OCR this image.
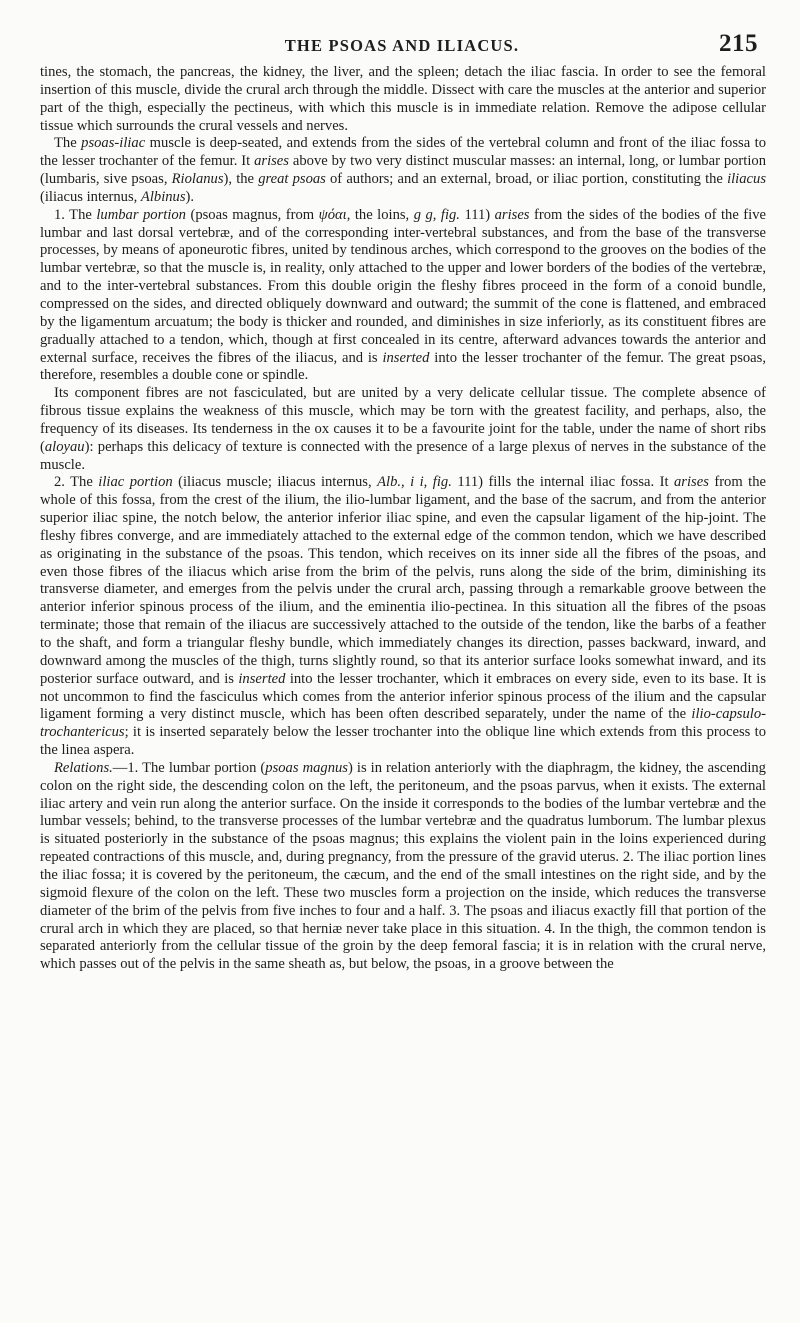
THE PSOAS AND ILIACUS.	215

tines, the stomach, the pancreas, the kidney, the liver, and the spleen; detach the iliac fascia. In order to see the femoral insertion of this muscle, divide the crural arch through the middle. Dissect with care the muscles at the anterior and superior part of the thigh, especially the pectineus, with which this muscle is in immediate relation. Remove the adipose cellular tissue which surrounds the crural vessels and nerves.

The psoas-iliac muscle is deep-seated, and extends from the sides of the vertebral column and front of the iliac fossa to the lesser trochanter of the femur. It arises above by two very distinct muscular masses: an internal, long, or lumbar portion (lumbaris, sive psoas, Riolanus), the great psoas of authors; and an external, broad, or iliac portion, constituting the iliacus (iliacus internus, Albinus).

1. The lumbar portion (psoas magnus, from ψόαι, the loins, g g, fig. 111) arises from the sides of the bodies of the five lumbar and last dorsal vertebræ, and of the corresponding inter-vertebral substances, and from the base of the transverse processes, by means of aponeurotic fibres, united by tendinous arches, which correspond to the grooves on the bodies of the lumbar vertebræ, so that the muscle is, in reality, only attached to the upper and lower borders of the bodies of the vertebræ, and to the inter-vertebral substances. From this double origin the fleshy fibres proceed in the form of a conoid bundle, compressed on the sides, and directed obliquely downward and outward; the summit of the cone is flattened, and embraced by the ligamentum arcuatum; the body is thicker and rounded, and diminishes in size inferiorly, as its constituent fibres are gradually attached to a tendon, which, though at first concealed in its centre, afterward advances towards the anterior and external surface, receives the fibres of the iliacus, and is inserted into the lesser trochanter of the femur. The great psoas, therefore, resembles a double cone or spindle.

Its component fibres are not fasciculated, but are united by a very delicate cellular tissue. The complete absence of fibrous tissue explains the weakness of this muscle, which may be torn with the greatest facility, and perhaps, also, the frequency of its diseases. Its tenderness in the ox causes it to be a favourite joint for the table, under the name of short ribs (aloyau): perhaps this delicacy of texture is connected with the presence of a large plexus of nerves in the substance of the muscle.

2. The iliac portion (iliacus muscle; iliacus internus, Alb., i i, fig. 111) fills the internal iliac fossa. It arises from the whole of this fossa, from the crest of the ilium, the ilio-lumbar ligament, and the base of the sacrum, and from the anterior superior iliac spine, the notch below, the anterior inferior iliac spine, and even the capsular ligament of the hip-joint. The fleshy fibres converge, and are immediately attached to the external edge of the common tendon, which we have described as originating in the substance of the psoas. This tendon, which receives on its inner side all the fibres of the psoas, and even those fibres of the iliacus which arise from the brim of the pelvis, runs along the side of the brim, diminishing its transverse diameter, and emerges from the pelvis under the crural arch, passing through a remarkable groove between the anterior inferior spinous process of the ilium, and the eminentia ilio-pectinea. In this situation all the fibres of the psoas terminate; those that remain of the iliacus are successively attached to the outside of the tendon, like the barbs of a feather to the shaft, and form a triangular fleshy bundle, which immediately changes its direction, passes backward, inward, and downward among the muscles of the thigh, turns slightly round, so that its anterior surface looks somewhat inward, and its posterior surface outward, and is inserted into the lesser trochanter, which it embraces on every side, even to its base. It is not uncommon to find the fasciculus which comes from the anterior inferior spinous process of the ilium and the capsular ligament forming a very distinct muscle, which has been often described separately, under the name of the ilio-capsulo-trochantericus; it is inserted separately below the lesser trochanter into the oblique line which extends from this process to the linea aspera.

Relations.—1. The lumbar portion (psoas magnus) is in relation anteriorly with the diaphragm, the kidney, the ascending colon on the right side, the descending colon on the left, the peritoneum, and the psoas parvus, when it exists. The external iliac artery and vein run along the anterior surface. On the inside it corresponds to the bodies of the lumbar vertebræ and the lumbar vessels; behind, to the transverse processes of the lumbar vertebræ and the quadratus lumborum. The lumbar plexus is situated posteriorly in the substance of the psoas magnus; this explains the violent pain in the loins experienced during repeated contractions of this muscle, and, during pregnancy, from the pressure of the gravid uterus. 2. The iliac portion lines the iliac fossa; it is covered by the peritoneum, the cæcum, and the end of the small intestines on the right side, and by the sigmoid flexure of the colon on the left. These two muscles form a projection on the inside, which reduces the transverse diameter of the brim of the pelvis from five inches to four and a half. 3. The psoas and iliacus exactly fill that portion of the crural arch in which they are placed, so that herniæ never take place in this situation. 4. In the thigh, the common tendon is separated anteriorly from the cellular tissue of the groin by the deep femoral fascia; it is in relation with the crural nerve, which passes out of the pelvis in the same sheath as, but below, the psoas, in a groove between the
